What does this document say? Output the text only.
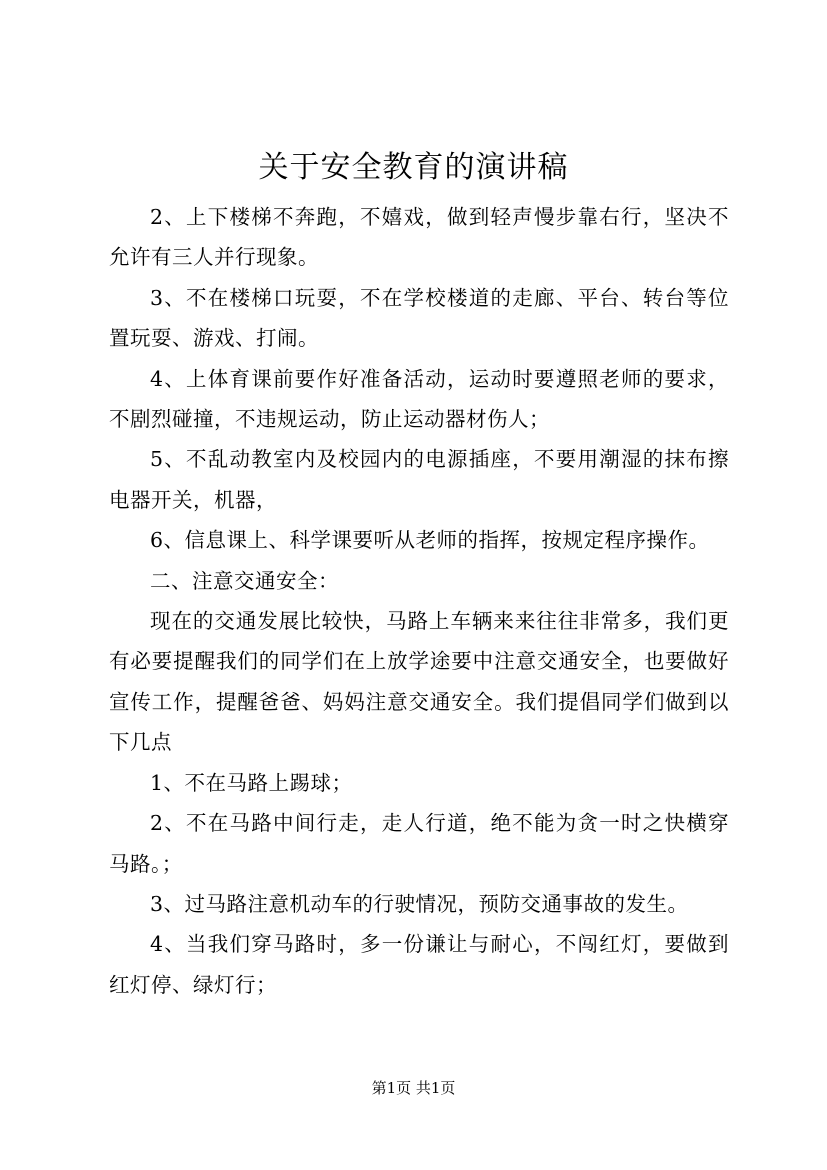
关于安全教育的演讲稿

2、上下楼梯不奔跑，不嬉戏，做到轻声慢步靠右行，坚决不允许有三人并行现象。

3、不在楼梯口玩耍，不在学校楼道的走廊、平台、转台等位置玩耍、游戏、打闹。

4、上体育课前要作好准备活动，运动时要遵照老师的要求，不剧烈碰撞，不违规运动，防止运动器材伤人；

5、不乱动教室内及校园内的电源插座，不要用潮湿的抹布擦电器开关，机器，

6、信息课上、科学课要听从老师的指挥，按规定程序操作。

二、注意交通安全：

现在的交通发展比较快，马路上车辆来来往往非常多，我们更有必要提醒我们的同学们在上放学途要中注意交通安全，也要做好宣传工作，提醒爸爸、妈妈注意交通安全。我们提倡同学们做到以下几点

1、不在马路上踢球；

2、不在马路中间行走，走人行道，绝不能为贪一时之快横穿马路。；

3、过马路注意机动车的行驶情况，预防交通事故的发生。

4、当我们穿马路时，多一份谦让与耐心，不闯红灯，要做到红灯停、绿灯行；

第1页 共1页
